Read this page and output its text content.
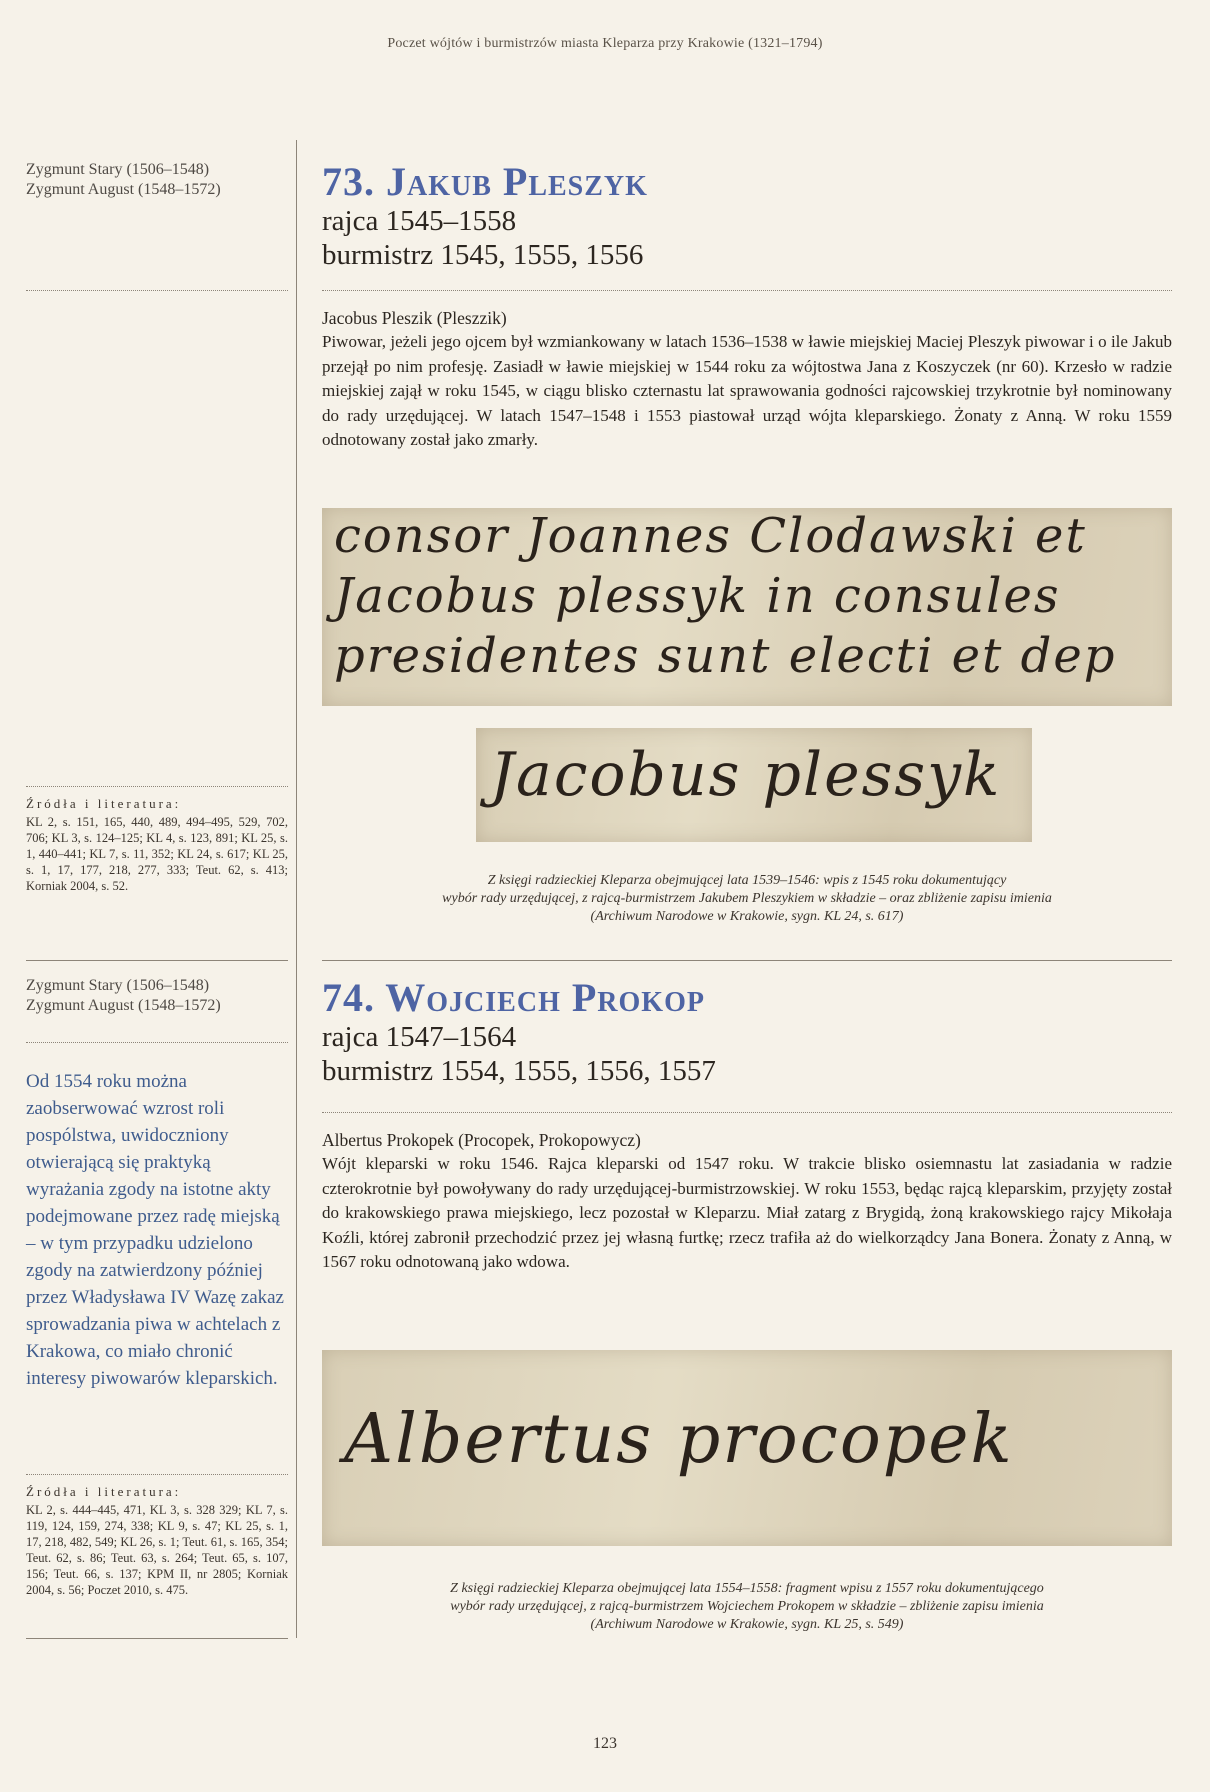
Poczet wójtów i burmistrzów miasta Kleparza przy Krakowie (1321–1794)
Zygmunt Stary (1506–1548)
Zygmunt August (1548–1572)
Źródła i literatura:
KL 2, s. 151, 165, 440, 489, 494–495, 529, 702, 706; KL 3, s. 124–125; KL 4, s. 123, 891; KL 25, s. 1, 440–441; KL 7, s. 11, 352; KL 24, s. 617; KL 25, s. 1, 17, 177, 218, 277, 333; Teut. 62, s. 413; Korniak 2004, s. 52.
Zygmunt Stary (1506–1548)
Zygmunt August (1548–1572)
Od 1554 roku można zaobserwować wzrost roli pospólstwa, uwidoczniony otwierającą się praktyką wyrażania zgody na istotne akty podejmowane przez radę miejską – w tym przypadku udzielono zgody na zatwierdzony później przez Władysława IV Wazę zakaz sprowadzania piwa w achtelach z Krakowa, co miało chronić interesy piwowarów kleparskich.
Źródła i literatura:
KL 2, s. 444–445, 471, KL 3, s. 328 329; KL 7, s. 119, 124, 159, 274, 338; KL 9, s. 47; KL 25, s. 1, 17, 218, 482, 549; KL 26, s. 1; Teut. 61, s. 165, 354; Teut. 62, s. 86; Teut. 63, s. 264; Teut. 65, s. 107, 156; Teut. 66, s. 137; KPM II, nr 2805; Korniak 2004, s. 56; Poczet 2010, s. 475.
73. Jakub Pleszyk
rajca 1545–1558
burmistrz 1545, 1555, 1556
Jacobus Pleszik (Pleszzik)
Piwowar, jeżeli jego ojcem był wzmiankowany w latach 1536–1538 w ławie miejskiej Maciej Pleszyk piwowar i o ile Jakub przejął po nim profesję. Zasiadł w ławie miejskiej w 1544 roku za wójtostwa Jana z Koszyczek (nr 60). Krzesło w radzie miejskiej zajął w roku 1545, w ciągu blisko czternastu lat sprawowania godności rajcowskiej trzykrotnie był nominowany do rady urzędującej. W latach 1547–1548 i 1553 piastował urząd wójta kleparskiego. Żonaty z Anną. W roku 1559 odnotowany został jako zmarły.
consor Joannes Clodawski et
Jacobus plessyk in consules
presidentes sunt electi et dep
Jacobus plessyk
Z księgi radzieckiej Kleparza obejmującej lata 1539–1546: wpis z 1545 roku dokumentujący
wybór rady urzędującej, z rajcą-burmistrzem Jakubem Pleszykiem w składzie – oraz zbliżenie zapisu imienia
(Archiwum Narodowe w Krakowie, sygn. KL 24, s. 617)
74. Wojciech Prokop
rajca 1547–1564
burmistrz 1554, 1555, 1556, 1557
Albertus Prokopek (Procopek, Prokopowycz)
Wójt kleparski w roku 1546. Rajca kleparski od 1547 roku. W trakcie blisko osiemnastu lat zasiadania w radzie czterokrotnie był powoływany do rady urzędującej-burmistrzowskiej. W roku 1553, będąc rajcą kleparskim, przyjęty został do krakowskiego prawa miejskiego, lecz pozostał w Kleparzu. Miał zatarg z Brygidą, żoną krakowskiego rajcy Mikołaja Koźli, której zabronił przechodzić przez jej własną furtkę; rzecz trafiła aż do wielkorządcy Jana Bonera. Żonaty z Anną, w 1567 roku odnotowaną jako wdowa.
Albertus procopek
Z księgi radzieckiej Kleparza obejmującej lata 1554–1558: fragment wpisu z 1557 roku dokumentującego
wybór rady urzędującej, z rajcą-burmistrzem Wojciechem Prokopem w składzie – zbliżenie zapisu imienia
(Archiwum Narodowe w Krakowie, sygn. KL 25, s. 549)
123
